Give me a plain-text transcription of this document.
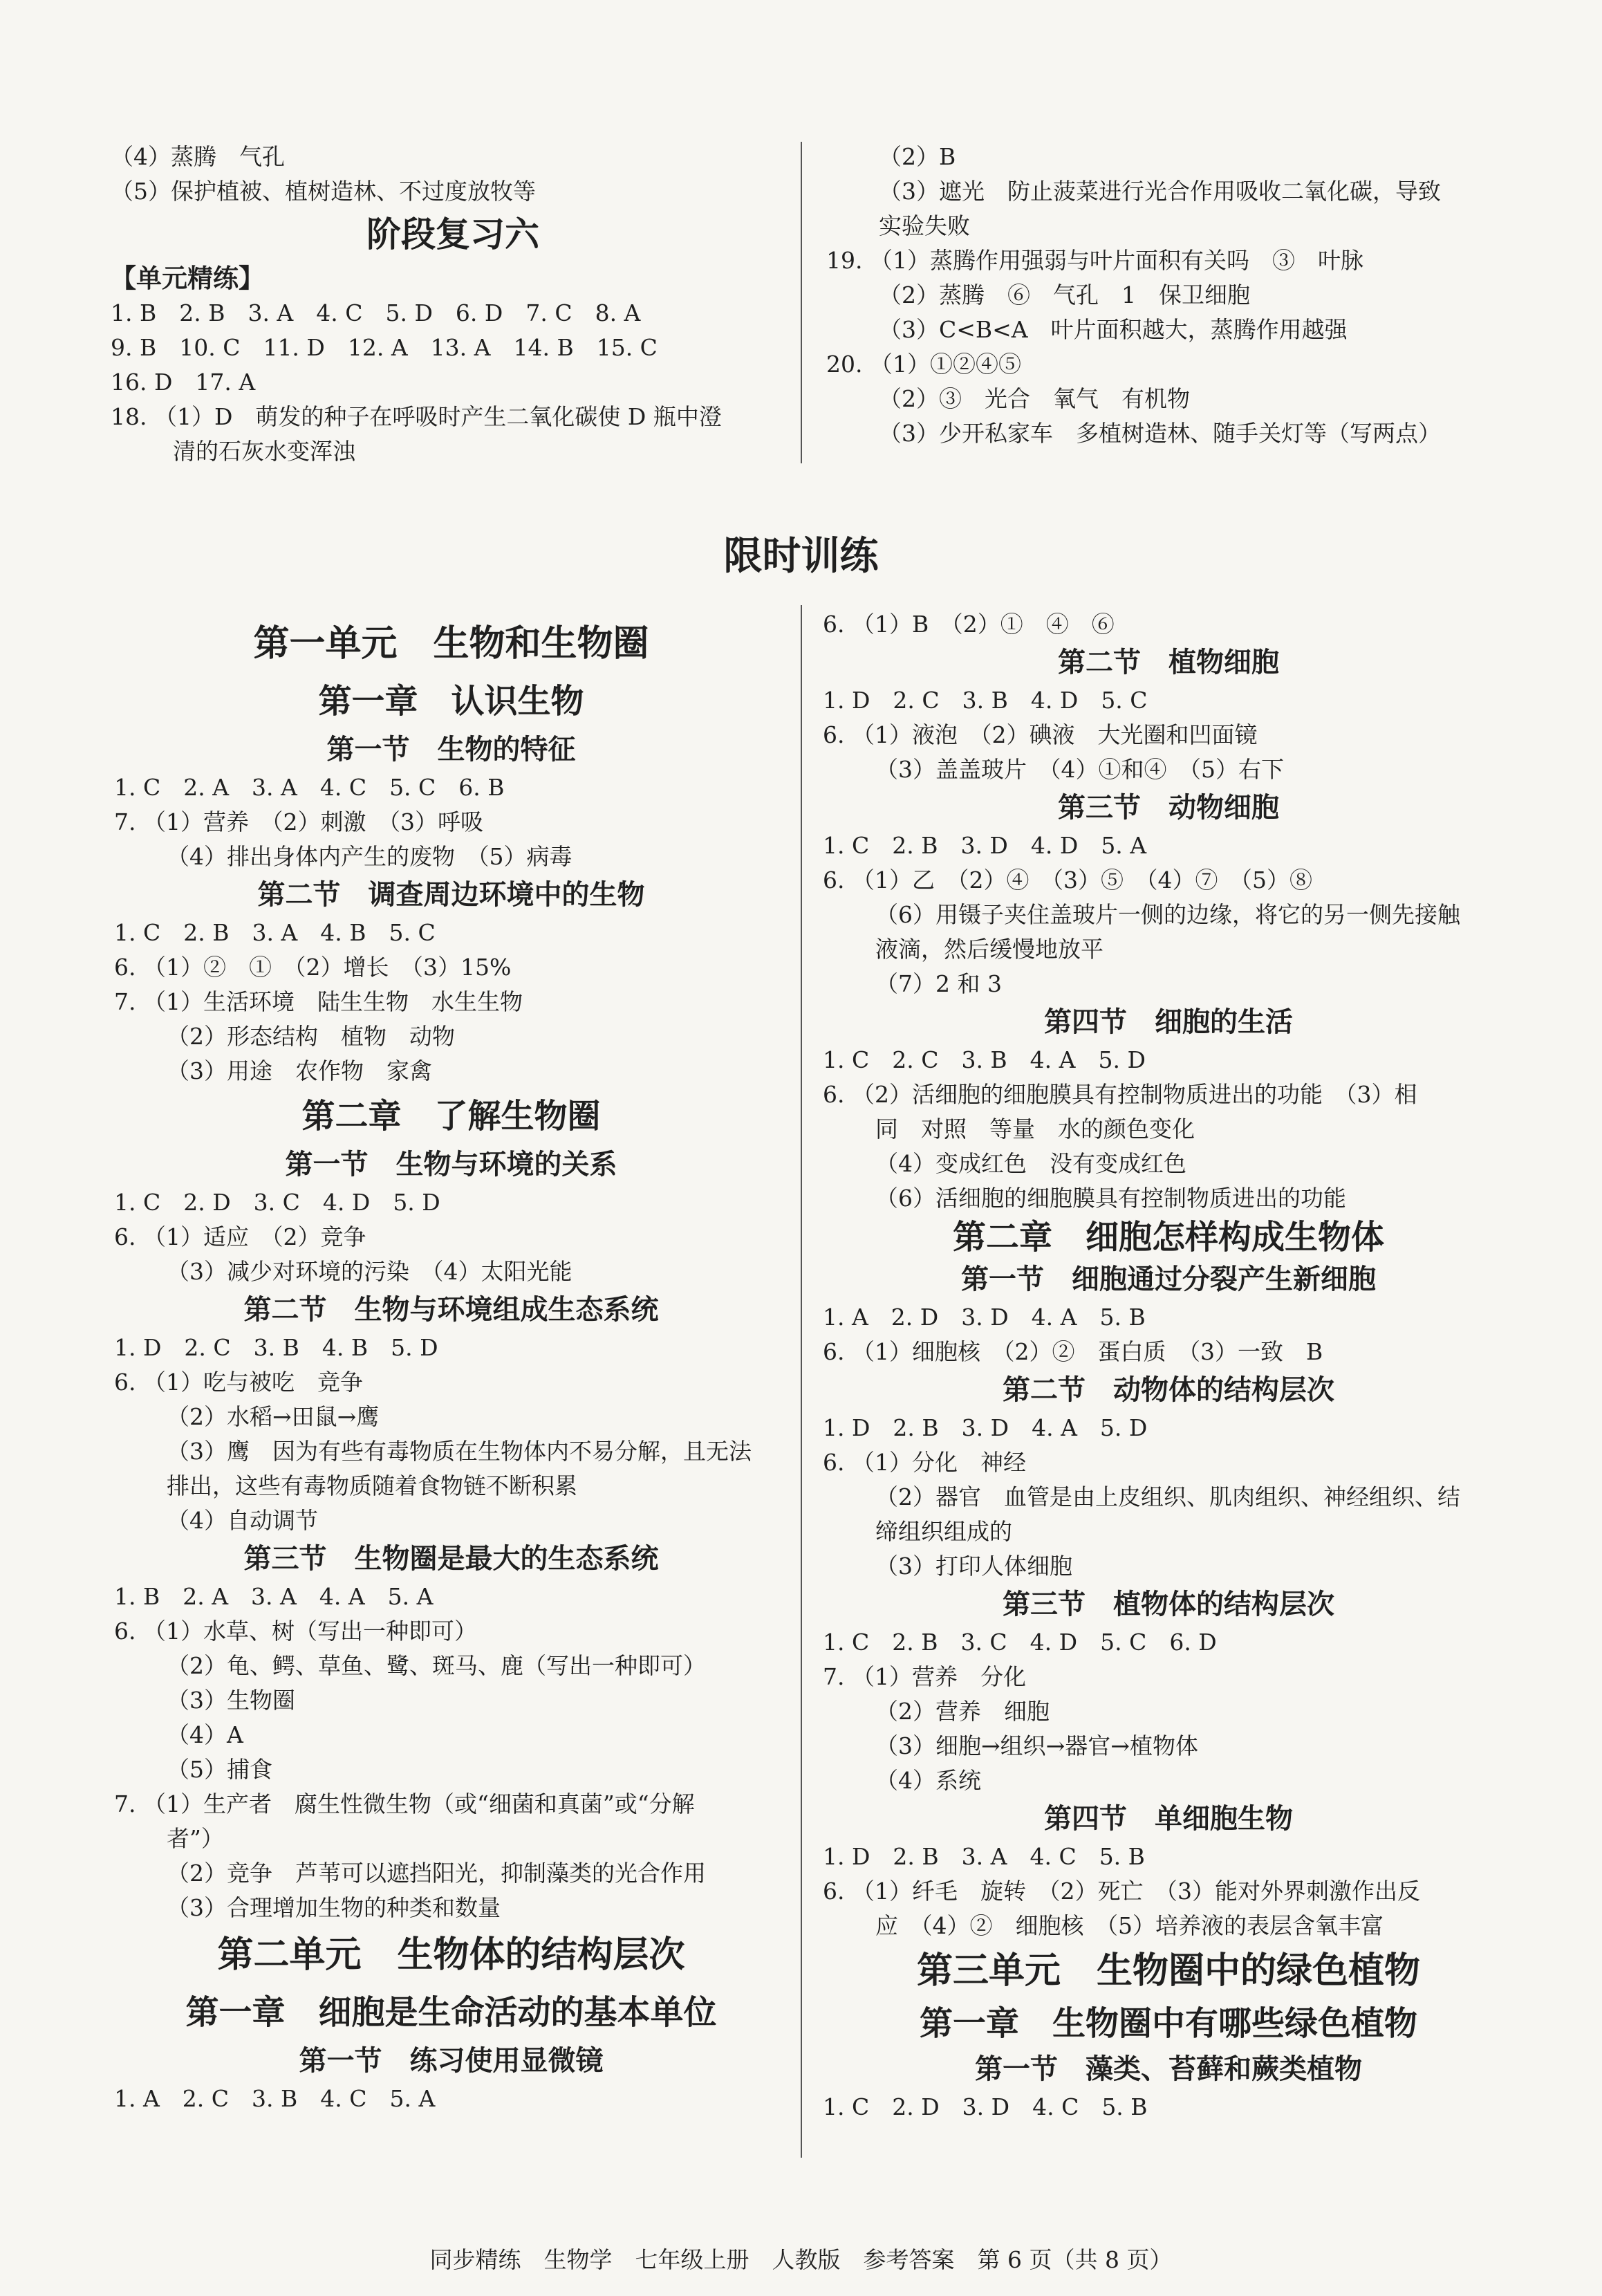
（4）蒸腾　气孔

（5）保护植被、植树造林、不过度放牧等

阶段复习六

【单元精练】

1. B　2. B　3. A　4. C　5. D　6. D　7. C　8. A

9. B　10. C　11. D　12. A　13. A　14. B　15. C

16. D　17. A

18. （1）D　萌发的种子在呼吸时产生二氧化碳使 D 瓶中澄

清的石灰水变浑浊

（2）B

（3）遮光　防止菠菜进行光合作用吸收二氧化碳，导致

实验失败

19. （1）蒸腾作用强弱与叶片面积有关吗　③　叶脉

（2）蒸腾　⑥　气孔　1　保卫细胞

（3）C<B<A　叶片面积越大，蒸腾作用越强

20. （1）①②④⑤

（2）③　光合　氧气　有机物

（3）少开私家车　多植树造林、随手关灯等（写两点）

限时训练

第一单元　生物和生物圈

第一章　认识生物

第一节　生物的特征

1. C　2. A　3. A　4. C　5. C　6. B

7. （1）营养　（2）刺激　（3）呼吸

（4）排出身体内产生的废物　（5）病毒

第二节　调查周边环境中的生物

1. C　2. B　3. A　4. B　5. C

6. （1）②　①　（2）增长　（3）15%

7. （1）生活环境　陆生生物　水生生物

（2）形态结构　植物　动物

（3）用途　农作物　家禽

第二章　了解生物圈

第一节　生物与环境的关系

1. C　2. D　3. C　4. D　5. D

6. （1）适应　（2）竞争

（3）减少对环境的污染　（4）太阳光能

第二节　生物与环境组成生态系统

1. D　2. C　3. B　4. B　5. D

6. （1）吃与被吃　竞争

（2）水稻→田鼠→鹰

（3）鹰　因为有些有毒物质在生物体内不易分解，且无法

排出，这些有毒物质随着食物链不断积累

（4）自动调节

第三节　生物圈是最大的生态系统

1. B　2. A　3. A　4. A　5. A

6. （1）水草、树（写出一种即可）

（2）龟、鳄、草鱼、鹭、斑马、鹿（写出一种即可）

（3）生物圈

（4）A

（5）捕食

7. （1）生产者　腐生性微生物（或“细菌和真菌”或“分解

者”）

（2）竞争　芦苇可以遮挡阳光，抑制藻类的光合作用

（3）合理增加生物的种类和数量

第二单元　生物体的结构层次

第一章　细胞是生命活动的基本单位

第一节　练习使用显微镜

1. A　2. C　3. B　4. C　5. A

6. （1）B　（2）①　④　⑥

第二节　植物细胞

1. D　2. C　3. B　4. D　5. C

6. （1）液泡　（2）碘液　大光圈和凹面镜

（3）盖盖玻片　（4）①和④　（5）右下

第三节　动物细胞

1. C　2. B　3. D　4. D　5. A

6. （1）乙　（2）④　（3）⑤　（4）⑦　（5）⑧

（6）用镊子夹住盖玻片一侧的边缘，将它的另一侧先接触

液滴，然后缓慢地放平

（7）2 和 3

第四节　细胞的生活

1. C　2. C　3. B　4. A　5. D

6. （2）活细胞的细胞膜具有控制物质进出的功能　（3）相

同　对照　等量　水的颜色变化

（4）变成红色　没有变成红色

（6）活细胞的细胞膜具有控制物质进出的功能

第二章　细胞怎样构成生物体

第一节　细胞通过分裂产生新细胞

1. A　2. D　3. D　4. A　5. B

6. （1）细胞核　（2）②　蛋白质　（3）一致　B

第二节　动物体的结构层次

1. D　2. B　3. D　4. A　5. D

6. （1）分化　神经

（2）器官　血管是由上皮组织、肌肉组织、神经组织、结

缔组织组成的

（3）打印人体细胞

第三节　植物体的结构层次

1. C　2. B　3. C　4. D　5. C　6. D

7. （1）营养　分化

（2）营养　细胞

（3）细胞→组织→器官→植物体

（4）系统

第四节　单细胞生物

1. D　2. B　3. A　4. C　5. B

6. （1）纤毛　旋转　（2）死亡　（3）能对外界刺激作出反

应　（4）②　细胞核　（5）培养液的表层含氧丰富

第三单元　生物圈中的绿色植物

第一章　生物圈中有哪些绿色植物

第一节　藻类、苔藓和蕨类植物

1. C　2. D　3. D　4. C　5. B

同步精练　生物学　七年级上册　人教版　参考答案　第 6 页（共 8 页）
